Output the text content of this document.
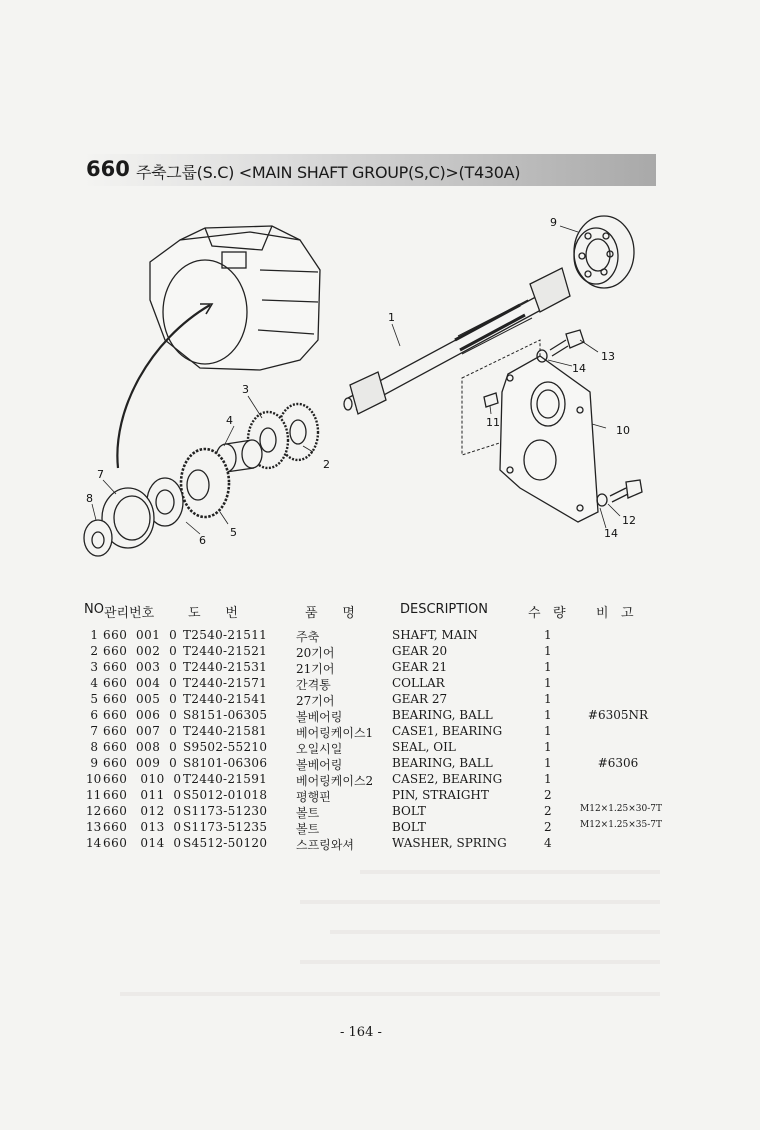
660 주축그룹(S.C) <MAIN SHAFT GROUP(S,C)>(T430A)
1
2
3
4
5
6
7
8
9
10
11
12
13
14
14
NO 관리번호	도      번	품      명	DESCRIPTION	수   량 비   고
1 660  001  0 T2540-21511 주축	SHAFT, MAIN	1
2 660  002  0 T2440-21521 20기어	GEAR 20	1
3 660  003  0 T2440-21531 21기어	GEAR 21	1
4 660  004  0 T2440-21571 간격통	COLLAR	1
5 660  005  0 T2440-21541 27기어	GEAR 27	1
6 660  006  0 S8151-06305 볼베어링	BEARING, BALL	1	#6305NR
7 660  007  0 T2440-21581 베어링케이스1 CASE1, BEARING	1
8 660  008  0 S9502-55210 오일시일	SEAL, OIL	1
9 660  009  0 S8101-06306 볼베어링	BEARING, BALL	1	#6306
10 660   010  0 T2440-21591 베어링케이스2 CASE2, BEARING	1
11 660   011  0 S5012-01018 평행핀	PIN, STRAIGHT	2
12 660   012  0 S1173-51230 볼트	BOLT	2	M12×1.25×30-7T
13 660   013  0 S1173-51235 볼트	BOLT	2	M12×1.25×35-7T
14 660   014  0 S4512-50120 스프링와셔	WASHER, SPRING	4
- 164 -
